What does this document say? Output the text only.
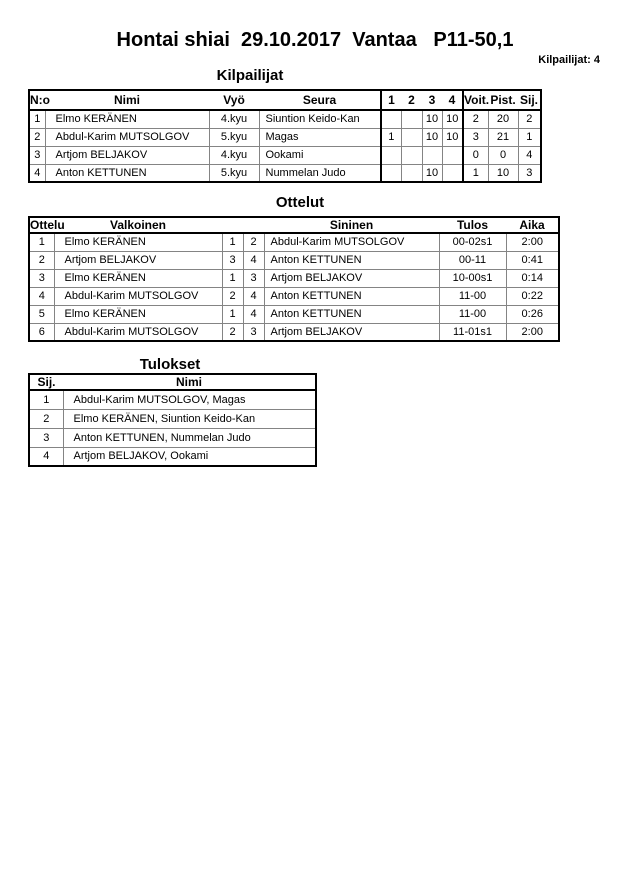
Hontai shiai  29.10.2017  Vantaa   P11-50,1
Kilpailijat: 4
Kilpailijat
N:o	Nimi	Vyö	Seura	1	2	3	4	Voit.	Pist.	Sij.
1	Elmo KERÄNEN	4.kyu	Siuntion Keido-Kan			10	10	2	20	2
2	Abdul-Karim MUTSOLGOV	5.kyu	Magas	1		10	10	3	21	1
3	Artjom BELJAKOV	4.kyu	Ookami					0	0	4
4	Anton KETTUNEN	5.kyu	Nummelan Judo			10		1	10	3
Ottelut
Ottelu	Valkoinen			Sininen	Tulos	Aika
1	Elmo KERÄNEN	1	2	Abdul-Karim MUTSOLGOV	00-02s1	2:00
2	Artjom BELJAKOV	3	4	Anton KETTUNEN	00-11	0:41
3	Elmo KERÄNEN	1	3	Artjom BELJAKOV	10-00s1	0:14
4	Abdul-Karim MUTSOLGOV	2	4	Anton KETTUNEN	11-00	0:22
5	Elmo KERÄNEN	1	4	Anton KETTUNEN	11-00	0:26
6	Abdul-Karim MUTSOLGOV	2	3	Artjom BELJAKOV	11-01s1	2:00
Tulokset
Sij.	Nimi
1	Abdul-Karim MUTSOLGOV, Magas
2	Elmo KERÄNEN, Siuntion Keido-Kan
3	Anton KETTUNEN, Nummelan Judo
4	Artjom BELJAKOV, Ookami
